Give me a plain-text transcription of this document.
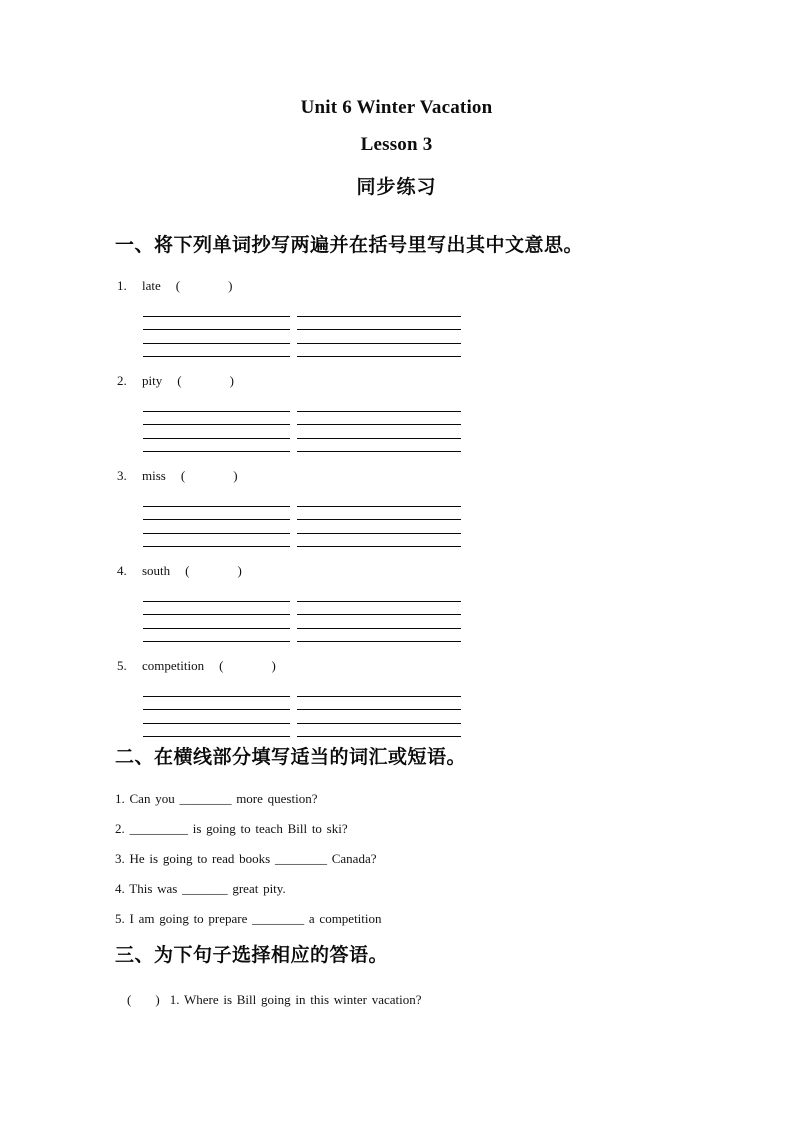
Unit 6 Winter Vacation
Lesson 3
同步练习
一、将下列单词抄写两遍并在括号里写出其中文意思。
1. late (	)
2. pity (	)
3. miss (	)
4. south (	)
5. competition (	)
二、在横线部分填写适当的词汇或短语。
1. Can you ________ more question?
2. _________ is going to teach Bill to ski?
3. He is going to read books ________ Canada?
4. This was _______ great pity.
5. I am going to prepare ________ a competition
三、为下句子选择相应的答语。
( ) 1. Where is Bill going in this winter vacation?
